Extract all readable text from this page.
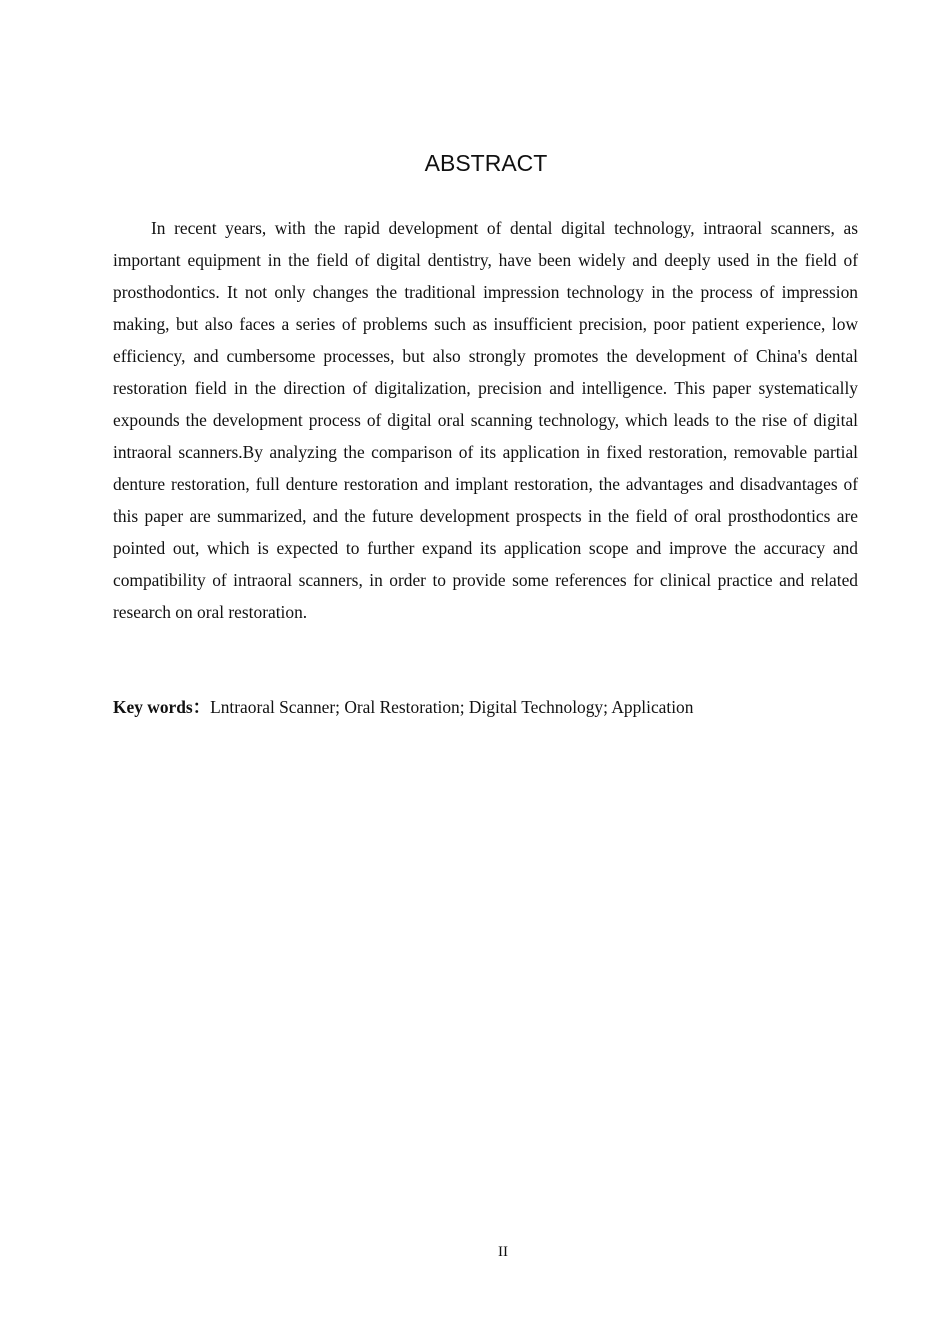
ABSTRACT

In recent years, with the rapid development of dental digital technology, intraoral scanners, as important equipment in the field of digital dentistry, have been widely and deeply used in the field of prosthodontics. It not only changes the traditional impression technology in the process of impression making, but also faces a series of problems such as insufficient precision, poor patient experience, low efficiency, and cumbersome processes, but also strongly promotes the development of China's dental restoration field in the direction of digitalization, precision and intelligence. This paper systematically expounds the development process of digital oral scanning technology, which leads to the rise of digital intraoral scanners.By analyzing the comparison of its application in fixed restoration, removable partial denture restoration, full denture restoration and implant restoration, the advantages and disadvantages of this paper are summarized, and the future development prospects in the field of oral prosthodontics are pointed out, which is expected to further expand its application scope and improve the accuracy and compatibility of intraoral scanners, in order to provide some references for clinical practice and related research on oral restoration.

Key words：Lntraoral Scanner; Oral Restoration; Digital Technology; Application

II
